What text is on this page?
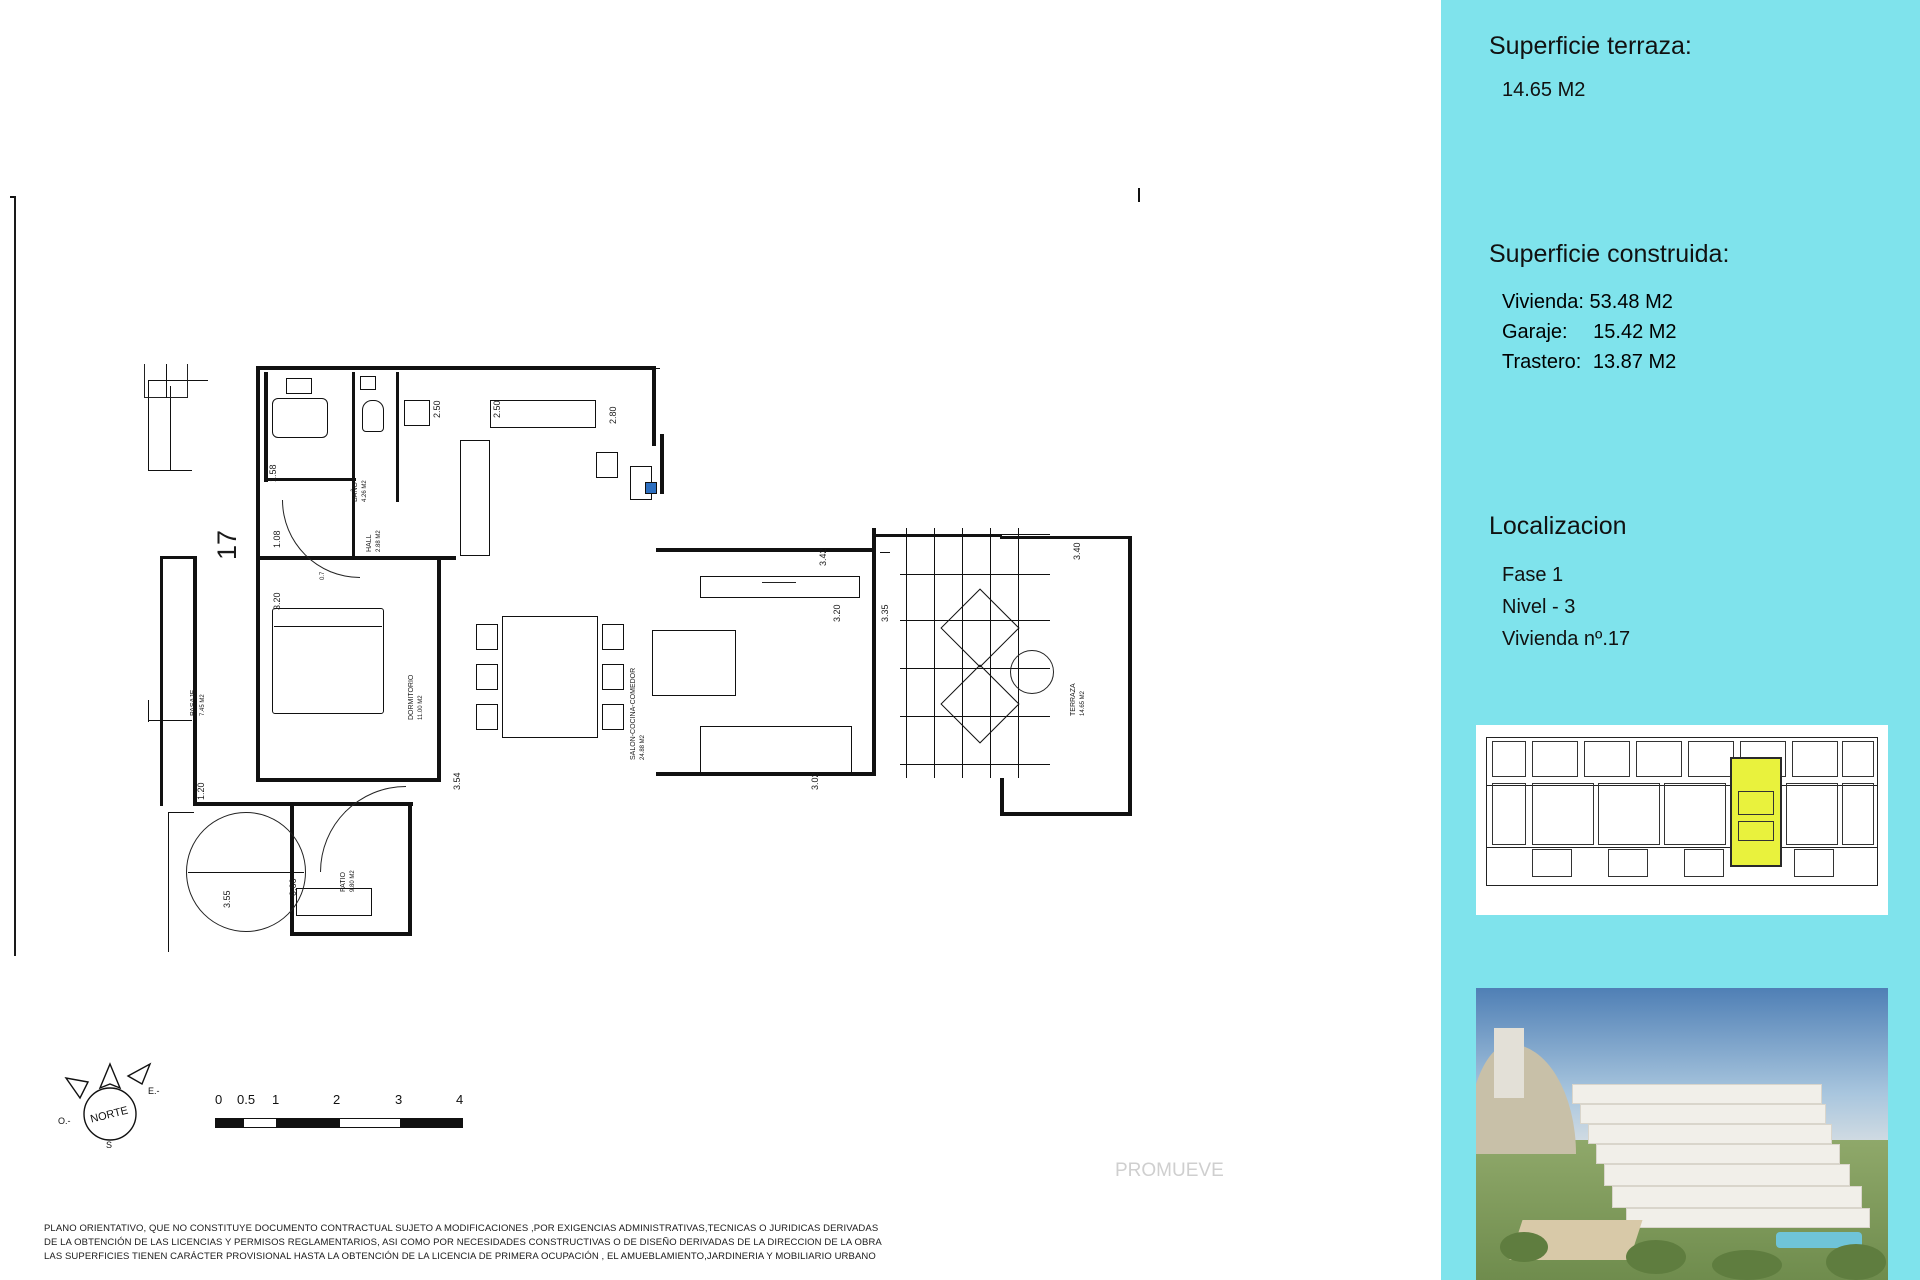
BAÑO 4.26 M2
HALL 2.88 M2
DORMITORIO 11.00 M2	SALON-COCINA-COMEDOR 24.88 M2
TERRAZA 14.65 M2
PATIO 9.80 M2
PASAJE 7.45 M2
17
2.50	2.50	2.80
1.58
1.08
3.20
3.42
3.20	3.35
3.40
3.54	3.02
1.20
3.55
0.66
0.7
NORTE
E.-
O.-
S
0 0.5 1	2	3	4
PROMUEVE
PLANO ORIENTATIVO, QUE NO CONSTITUYE DOCUMENTO CONTRACTUAL SUJETO A MODIFICACIONES ,POR EXIGENCIAS ADMINISTRATIVAS,TECNICAS O JURIDICAS DERIVADAS
DE LA OBTENCIÓN DE LAS LICENCIAS Y PERMISOS REGLAMENTARIOS, ASI COMO POR NECESIDADES CONSTRUCTIVAS O DE DISEÑO DERIVADAS DE LA DIRECCION DE LA OBRA
LAS SUPERFICIES TIENEN CARÁCTER PROVISIONAL HASTA LA OBTENCIÓN DE LA LICENCIA DE PRIMERA OCUPACIÓN , EL AMUEBLAMIENTO,JARDINERIA Y MOBILIARIO URBANO
Superficie terraza:
14.65 M2
Superficie construida:
Vivienda: 53.48 M2
Garaje: 15.42 M2
Trastero: 13.87 M2
Localizacion
Fase 1
Nivel - 3
Vivienda nº.17
